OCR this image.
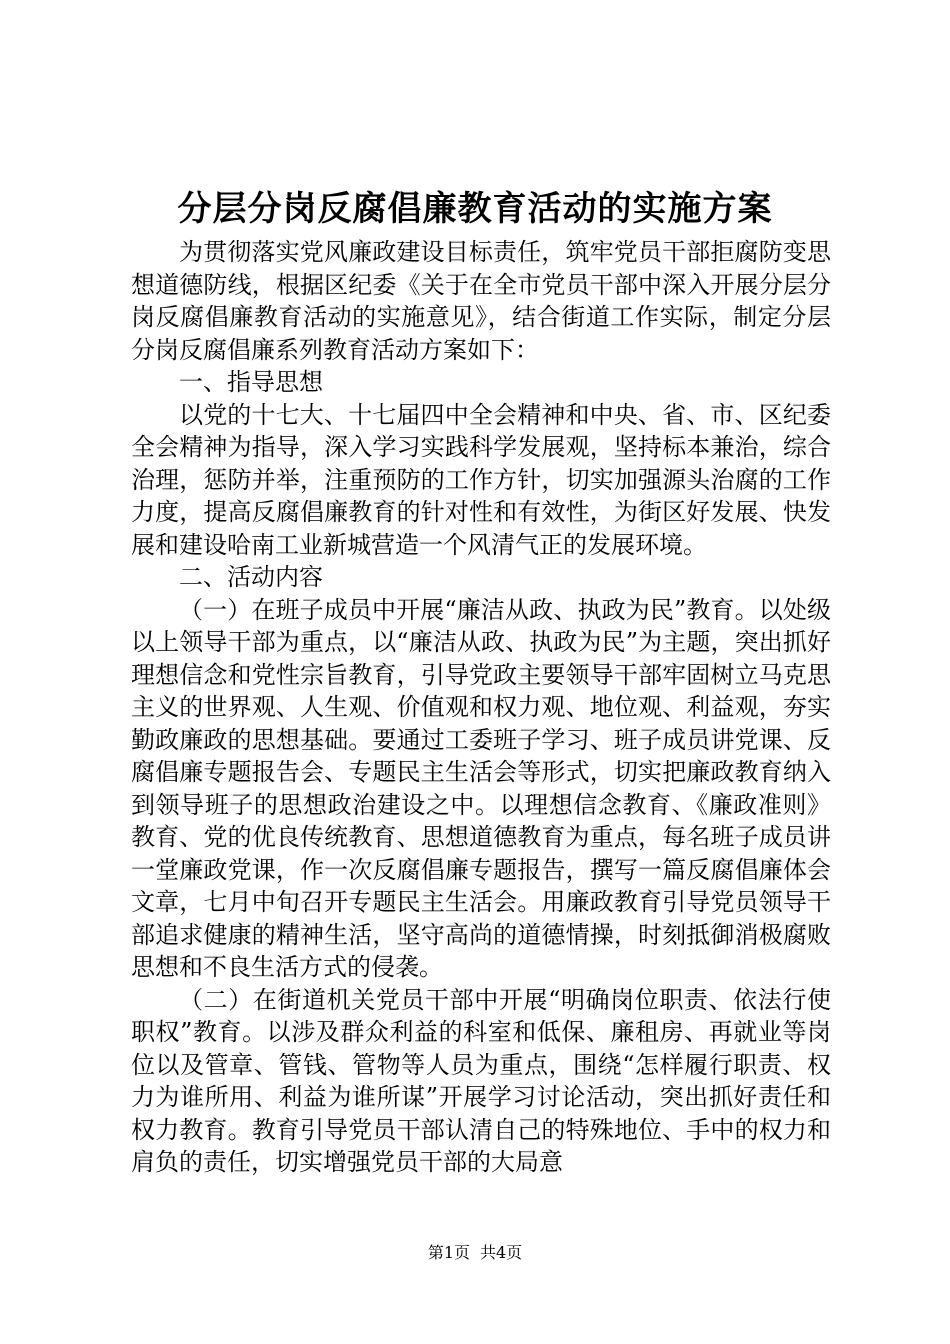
分层分岗反腐倡廉教育活动的实施方案

为贯彻落实党风廉政建设目标责任，筑牢党员干部拒腐防变思想道德防线，根据区纪委《关于在全市党员干部中深入开展分层分岗反腐倡廉教育活动的实施意见》，结合街道工作实际，制定分层分岗反腐倡廉系列教育活动方案如下：

一、指导思想

以党的十七大、十七届四中全会精神和中央、省、市、区纪委全会精神为指导，深入学习实践科学发展观，坚持标本兼治，综合治理，惩防并举，注重预防的工作方针，切实加强源头治腐的工作力度，提高反腐倡廉教育的针对性和有效性，为街区好发展、快发展和建设哈南工业新城营造一个风清气正的发展环境。

二、活动内容

（一）在班子成员中开展“廉洁从政、执政为民”教育。以处级以上领导干部为重点，以“廉洁从政、执政为民”为主题，突出抓好理想信念和党性宗旨教育，引导党政主要领导干部牢固树立马克思主义的世界观、人生观、价值观和权力观、地位观、利益观，夯实勤政廉政的思想基础。要通过工委班子学习、班子成员讲党课、反腐倡廉专题报告会、专题民主生活会等形式，切实把廉政教育纳入到领导班子的思想政治建设之中。以理想信念教育、《廉政准则》教育、党的优良传统教育、思想道德教育为重点，每名班子成员讲一堂廉政党课，作一次反腐倡廉专题报告，撰写一篇反腐倡廉体会文章，七月中旬召开专题民主生活会。用廉政教育引导党员领导干部追求健康的精神生活，坚守高尚的道德情操，时刻抵御消极腐败思想和不良生活方式的侵袭。

（二）在街道机关党员干部中开展“明确岗位职责、依法行使职权”教育。以涉及群众利益的科室和低保、廉租房、再就业等岗位以及管章、管钱、管物等人员为重点，围绕“怎样履行职责、权力为谁所用、利益为谁所谋”开展学习讨论活动，突出抓好责任和权力教育。教育引导党员干部认清自己的特殊地位、手中的权力和肩负的责任，切实增强党员干部的大局意

第1页 共4页
